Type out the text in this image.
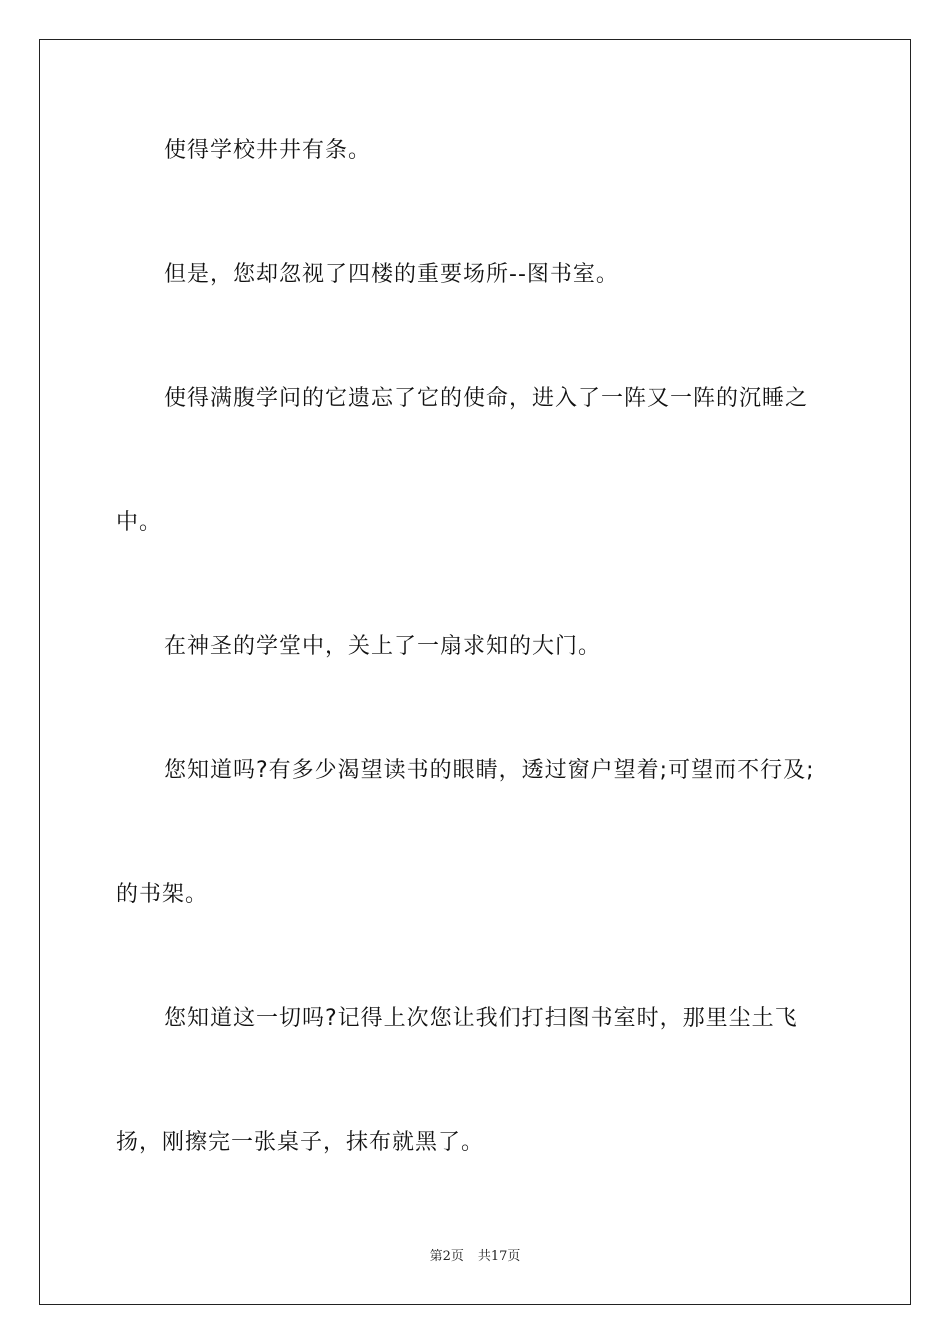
使得学校井井有条。
但是，您却忽视了四楼的重要场所--图书室。
使得满腹学问的它遗忘了它的使命，进入了一阵又一阵的沉睡之
中。
在神圣的学堂中，关上了一扇求知的大门。
您知道吗?有多少渴望读书的眼睛，透过窗户望着;可望而不行及;
的书架。
您知道这一切吗?记得上次您让我们打扫图书室时，那里尘土飞
扬，刚擦完一张桌子，抹布就黑了。
第2页 共17页
